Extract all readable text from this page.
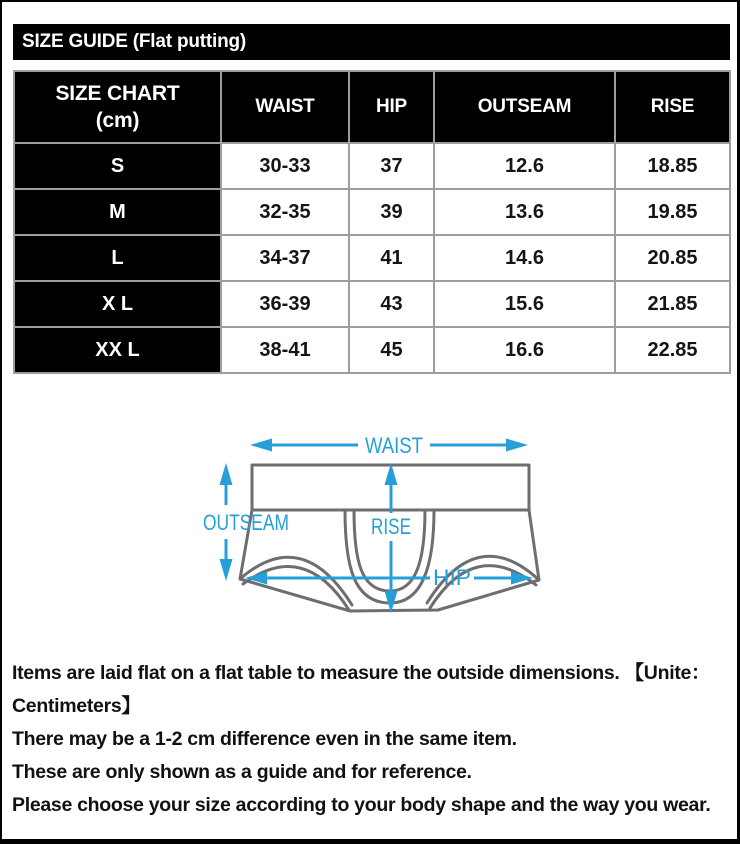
SIZE GUIDE (Flat putting)
SIZE CHART
(cm)	WAIST	HIP	OUTSEAM	RISE
S	30-33	37	12.6	18.85
M	32-35	39	13.6	19.85
L	34-37	41	14.6	20.85
X L	36-39	43	15.6	21.85
XX L	38-41	45	16.6	22.85
WAIST
OUTSEAM	RISE
HIP

Items are laid flat on a flat table to measure the outside dimensions. 【Unite：

Centimeters】

There may be a 1-2 cm difference even in the same item.

These are only shown as a guide and for reference.

Please choose your size according to your body shape and the way you wear.
